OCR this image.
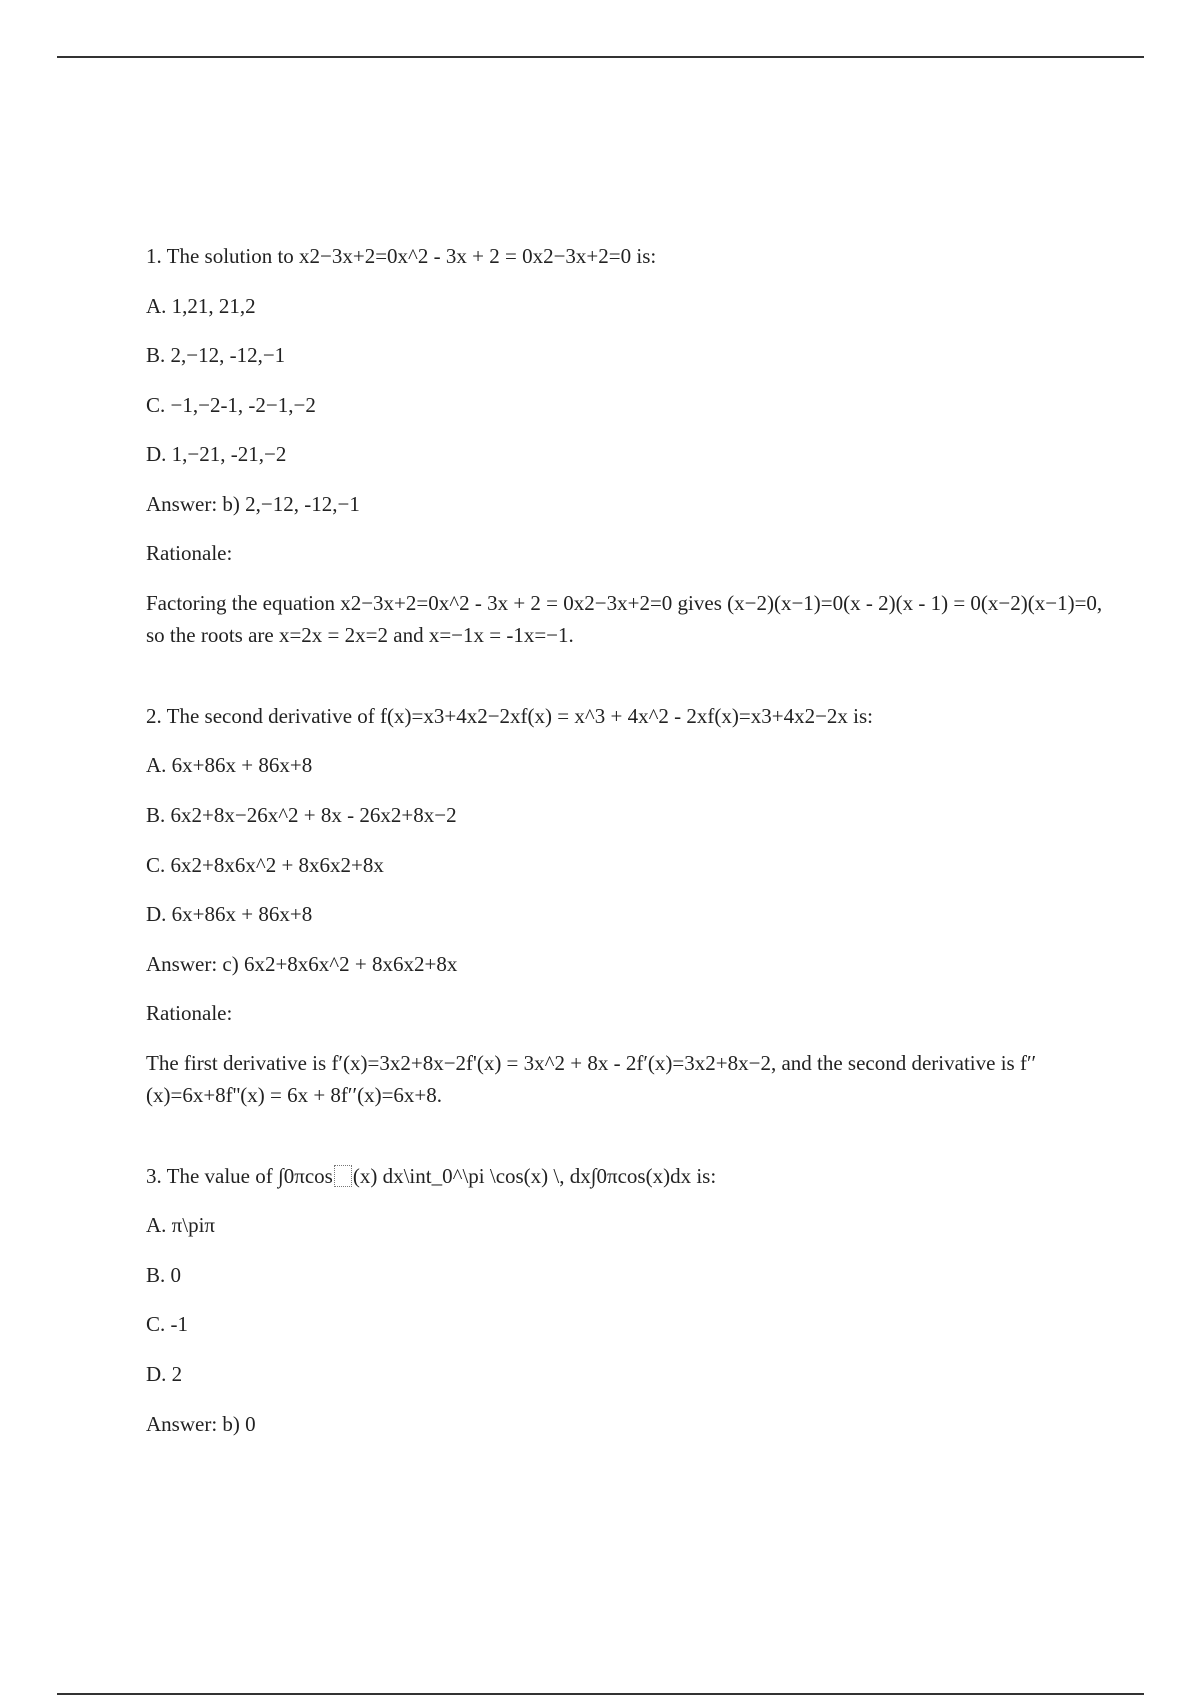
1. The solution to x2−3x+2=0x^2 - 3x + 2 = 0x2−3x+2=0 is:

A. 1,21, 21,2

B. 2,−12, -12,−1

C. −1,−2-1, -2−1,−2

D. 1,−21, -21,−2

Answer: b) 2,−12, -12,−1

Rationale:

Factoring the equation x2−3x+2=0x^2 - 3x + 2 = 0x2−3x+2=0 gives (x−2)(x−1)=0(x - 2)(x - 1) = 0(x−2)(x−1)=0, so the roots are x=2x = 2x=2 and x=−1x = -1x=−1.

2. The second derivative of f(x)=x3+4x2−2xf(x) = x^3 + 4x^2 - 2xf(x)=x3+4x2−2x is:

A. 6x+86x + 86x+8

B. 6x2+8x−26x^2 + 8x - 26x2+8x−2

C. 6x2+8x6x^2 + 8x6x2+8x

D. 6x+86x + 86x+8

Answer: c) 6x2+8x6x^2 + 8x6x2+8x

Rationale:

The first derivative is f′(x)=3x2+8x−2f'(x) = 3x^2 + 8x - 2f′(x)=3x2+8x−2, and the second derivative is f′′(x)=6x+8f''(x) = 6x + 8f′′(x)=6x+8.

3. The value of ∫0πcos (x) dx\int_0^\pi \cos(x) \, dx∫0πcos(x)dx is:

A. π\piπ

B. 0

C. -1

D. 2

Answer: b) 0
